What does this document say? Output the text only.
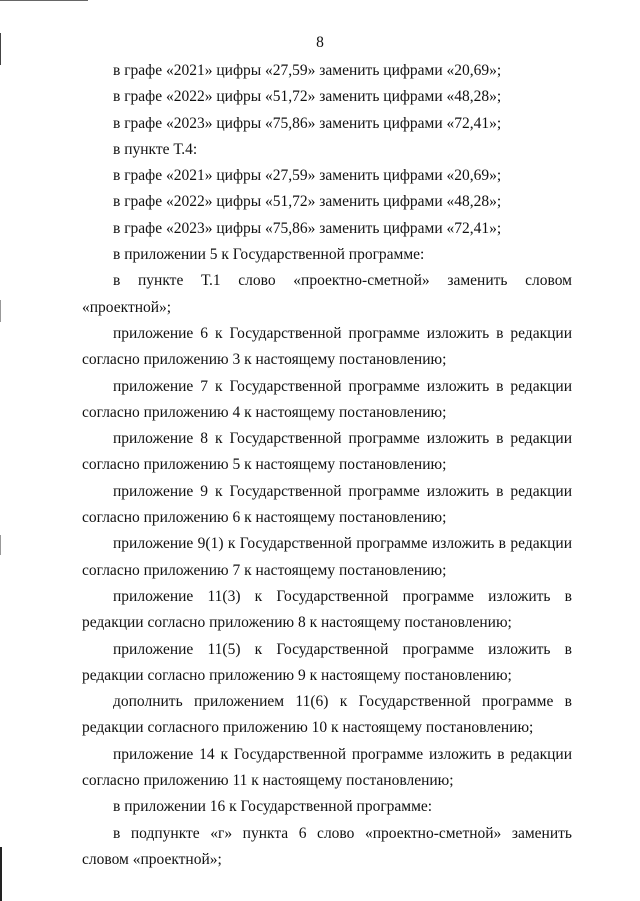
8

в графе «2021» цифры «27,59» заменить цифрами «20,69»;

в графе «2022» цифры «51,72» заменить цифрами «48,28»;

в графе «2023» цифры «75,86» заменить цифрами «72,41»;

в пункте Т.4:

в графе «2021» цифры «27,59» заменить цифрами «20,69»;

в графе «2022» цифры «51,72» заменить цифрами «48,28»;

в графе «2023» цифры «75,86» заменить цифрами «72,41»;

в приложении 5 к Государственной программе:

в пункте Т.1 слово «проектно-сметной» заменить словом «проектной»;

приложение 6 к Государственной программе изложить в редакции согласно приложению 3 к настоящему постановлению;

приложение 7 к Государственной программе изложить в редакции согласно приложению 4 к настоящему постановлению;

приложение 8 к Государственной программе изложить в редакции согласно приложению 5 к настоящему постановлению;

приложение 9 к Государственной программе изложить в редакции согласно приложению 6 к настоящему постановлению;

приложение 9(1) к Государственной программе изложить в редакции согласно приложению 7 к настоящему постановлению;

приложение 11(3) к Государственной программе изложить в редакции согласно приложению 8 к настоящему постановлению;

приложение 11(5) к Государственной программе изложить в редакции согласно приложению 9 к настоящему постановлению;

дополнить приложением 11(6) к Государственной программе в редакции согласного приложению 10 к настоящему постановлению;

приложение 14 к Государственной программе изложить в редакции согласно приложению 11 к настоящему постановлению;

в приложении 16 к Государственной программе:

в подпункте «г» пункта 6 слово «проектно-сметной» заменить словом «проектной»;
